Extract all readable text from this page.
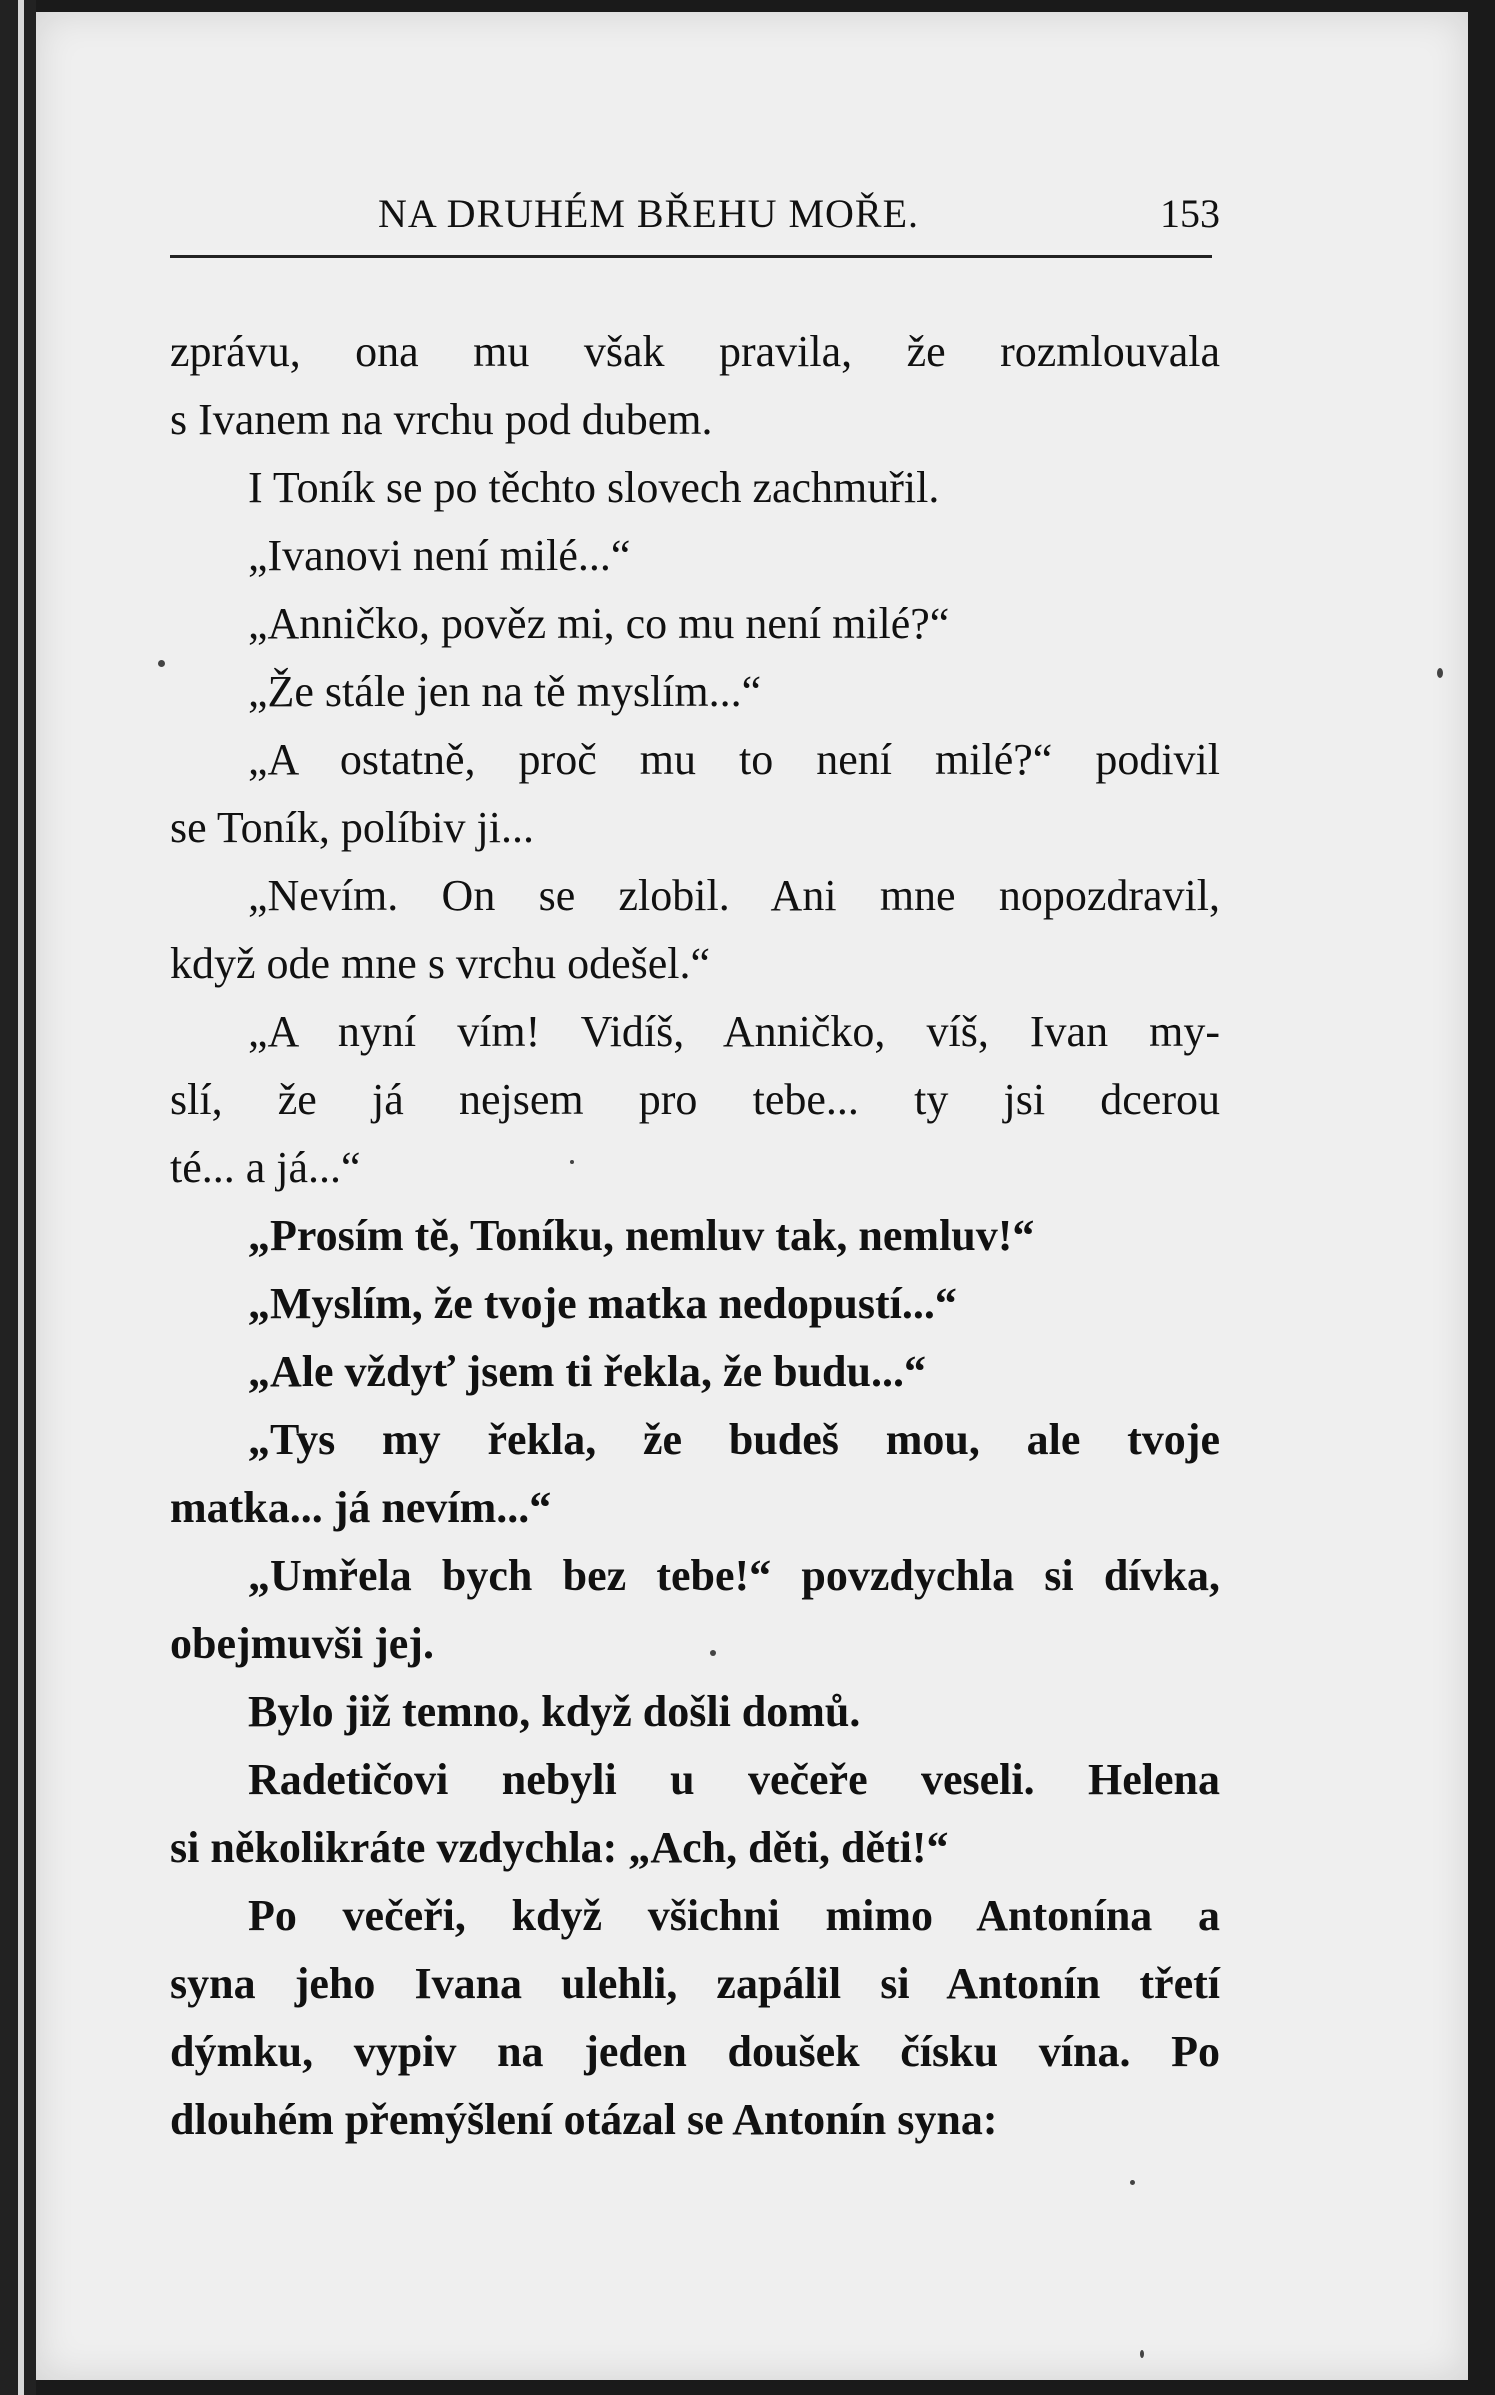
NA DRUHÉM BŘEHU MOŘE.	153
zprávu, ona mu však pravila, že rozmlouvala
s Ivanem na vrchu pod dubem.
I Toník se po těchto slovech zachmuřil.
„Ivanovi není milé...“
„Anničko, pověz mi, co mu není milé?“
„Že stále jen na tě myslím...“
„A ostatně, proč mu to není milé?“ podivil
se Toník, políbiv ji...
„Nevím. On se zlobil. Ani mne nopozdravil,
když ode mne s vrchu odešel.“
„A nyní vím! Vidíš, Anničko, víš, Ivan my-
slí, že já nejsem pro tebe... ty jsi dcerou
té... a já...“
„Prosím tě, Toníku, nemluv tak, nemluv!“
„Myslím, že tvoje matka nedopustí...“
„Ale vždyť jsem ti řekla, že budu...“
„Tys my řekla, že budeš mou, ale tvoje
matka... já nevím...“
„Umřela bych bez tebe!“ povzdychla si dívka,
obejmuvši jej.
Bylo již temno, když došli domů.
Radetičovi nebyli u večeře veseli. Helena
si několikráte vzdychla: „Ach, děti, děti!“
Po večeři, když všichni mimo Antonína a
syna jeho Ivana ulehli, zapálil si Antonín třetí
dýmku, vypiv na jeden doušek čísku vína. Po
dlouhém přemýšlení otázal se Antonín syna:
